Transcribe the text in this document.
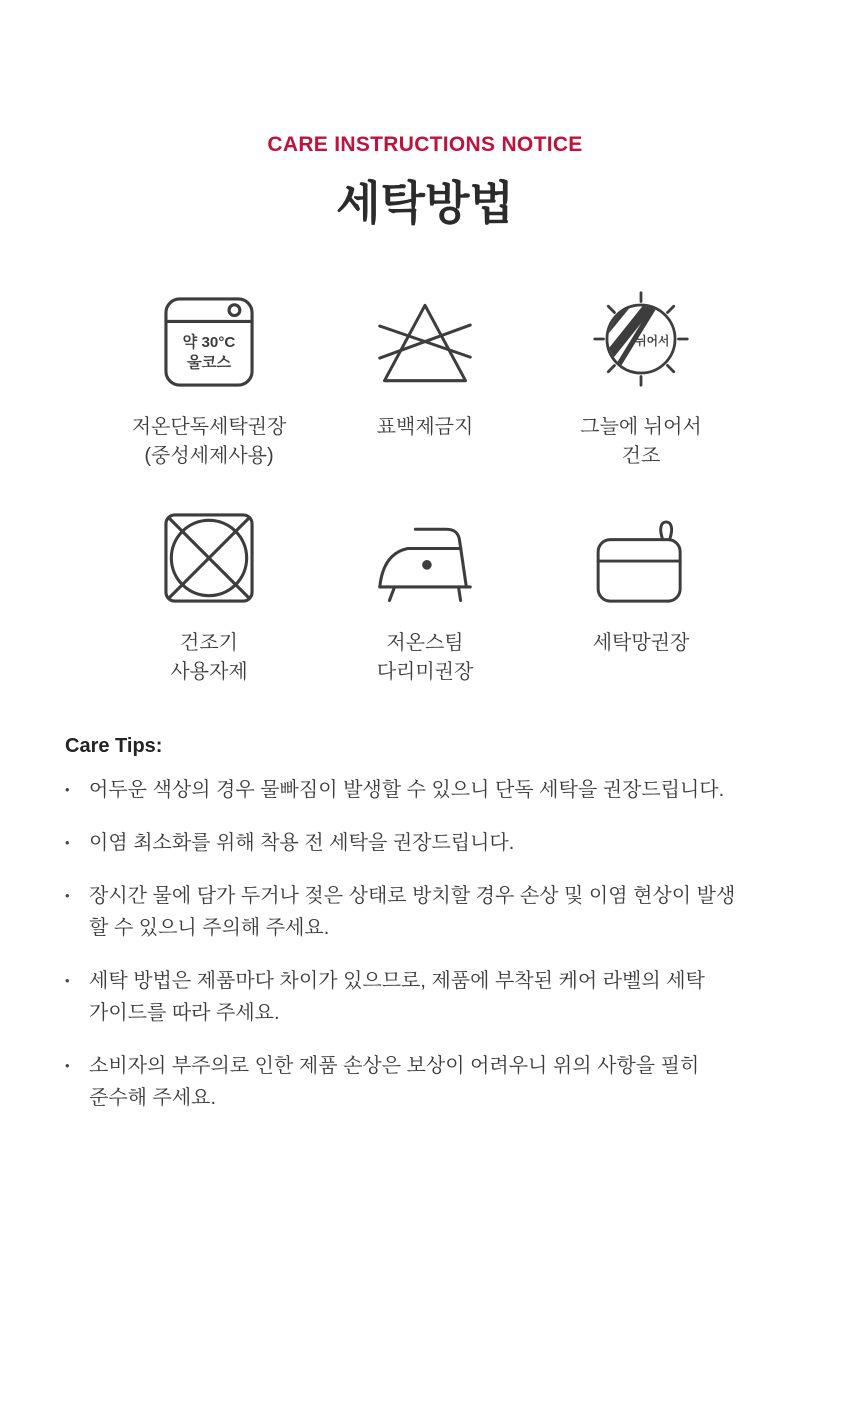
CARE INSTRUCTIONS NOTICE
세탁방법
약 30°C
울코스
저온단독세탁권장
(중성세제사용)
표백제금지
뉘어서
그늘에 뉘어서
건조
건조기
사용자제
저온스팀
다리미권장
세탁망권장
Care Tips:
• 어두운 색상의 경우 물빠짐이 발생할 수 있으니 단독 세탁을 권장드립니다.
• 이염 최소화를 위해 착용 전 세탁을 권장드립니다.
• 장시간 물에 담가 두거나 젖은 상태로 방치할 경우 손상 및 이염 현상이 발생
할 수 있으니 주의해 주세요.
• 세탁 방법은 제품마다 차이가 있으므로, 제품에 부착된 케어 라벨의 세탁
가이드를 따라 주세요.
• 소비자의 부주의로 인한 제품 손상은 보상이 어려우니 위의 사항을 필히
준수해 주세요.
